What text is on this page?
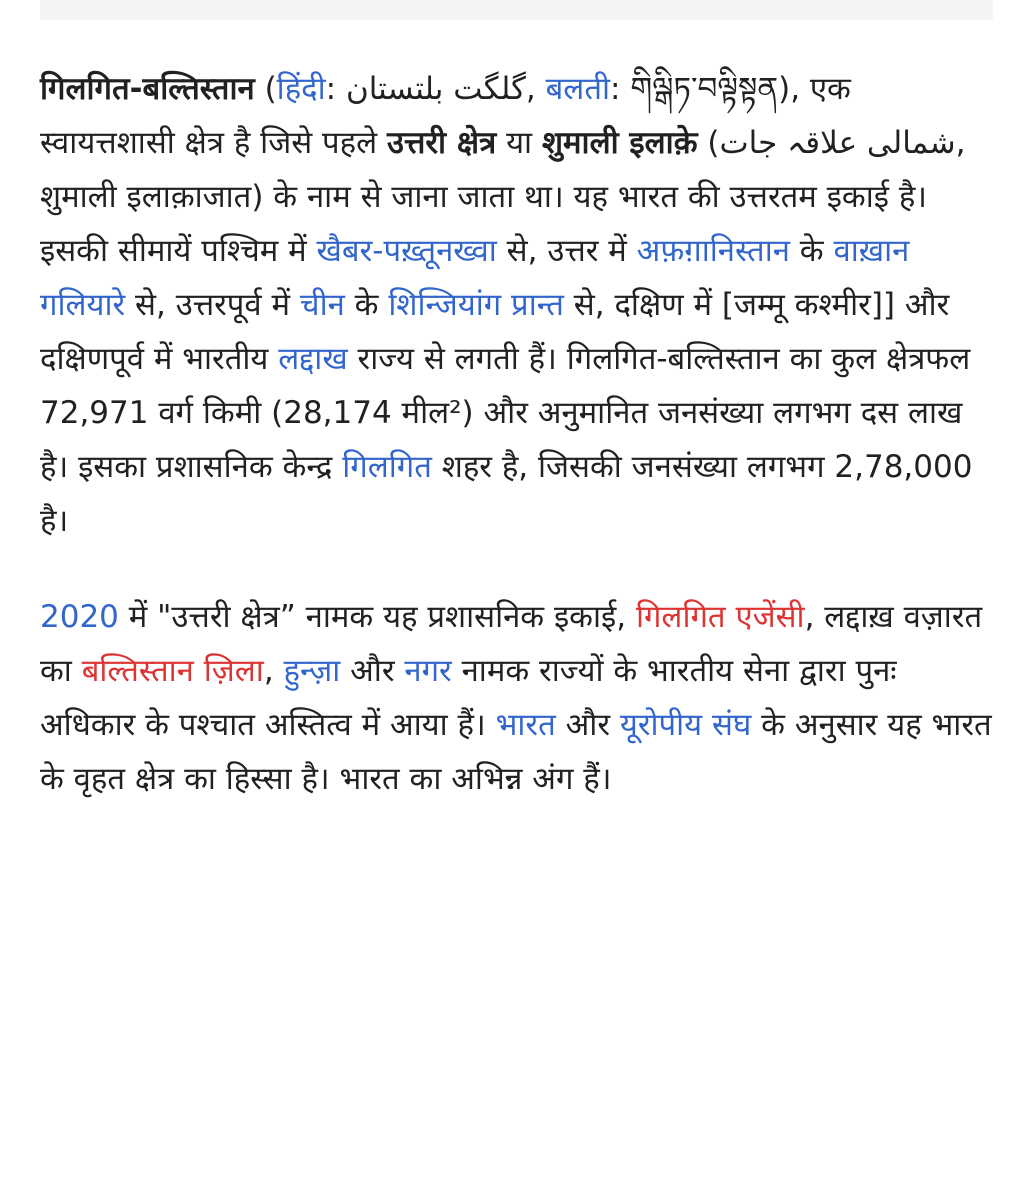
गिलगित-बल्तिस्तान (हिंदी: گلگت بلتستان, बलती: གིལྒིཏ་བལྟིསྟན), एक स्वायत्तशासी क्षेत्र है जिसे पहले उत्तरी क्षेत्र या शुमाली इलाक़े (شمالی علاقہ جات, शुमाली इलाक़ाजात) के नाम से जाना जाता था। यह भारत की उत्तरतम इकाई है। इसकी सीमायें पश्चिम में खैबर-पख़्तूनख्वा से, उत्तर में अफ़ग़ानिस्तान के वाख़ान गलियारे से, उत्तरपूर्व में चीन के शिन्जियांग प्रान्त से, दक्षिण में [जम्मू कश्मीर]] और दक्षिणपूर्व में भारतीय लद्दाख राज्य से लगती हैं। गिलगित-बल्तिस्तान का कुल क्षेत्रफल 72,971 वर्ग किमी (28,174 मील²) और अनुमानित जनसंख्या लगभग दस लाख है। इसका प्रशासनिक केन्द्र गिलगित शहर है, जिसकी जनसंख्या लगभग 2,78,000 है।

2020 में "उत्तरी क्षेत्र” नामक यह प्रशासनिक इकाई, गिलगित एजेंसी, लद्दाख़ वज़ारत का बल्तिस्तान ज़िला, हुन्ज़ा और नगर नामक राज्यों के भारतीय सेना द्वारा पुनः अधिकार के पश्चात अस्तित्व में आया हैं। भारत और यूरोपीय संघ के अनुसार यह भारत के वृहत क्षेत्र का हिस्सा है। भारत का अभिन्न अंग हैं।
